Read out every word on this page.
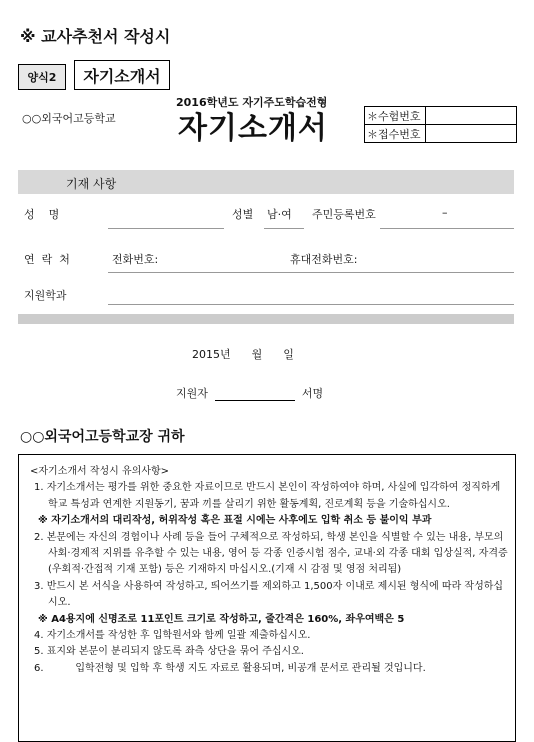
※ 교사추천서 작성시
양식2 자기소개서
○○외국어고등학교
2016학년도 자기주도학습전형
자기소개서	＊수험번호	
＊접수번호	
기재 사항
성    명	성별 남·여 주민등록번호	–
연  락  처	전화번호:	휴대전화번호:
지원학과
2015년      월      일
지원자	서명
○○외국어고등학교장 귀하

<자기소개서 작성시 유의사항>

1. 자기소개서는 평가를 위한 중요한 자료이므로 반드시 본인이 작성하여야 하며, 사실에 입각하여 정직하게 학교 특성과 연계한 지원동기, 꿈과 끼를 살리기 위한 활동계획, 진로계획 등을 기술하십시오.

※ 자기소개서의 대리작성, 허위작성 혹은 표절 시에는 사후에도 입학 취소 등 불이익 부과

2. 본문에는 자신의 경험이나 사례 등을 들어 구체적으로 작성하되, 학생 본인을 식별할 수 있는 내용, 부모의 사회·경제적 지위를 유추할 수 있는 내용, 영어 등 각종 인증시험 점수, 교내·외 각종 대회 입상실적, 자격증(우회적·간접적 기재 포함) 등은 기재하지 마십시오.(기재 시 감점 및 영점 처리됨)

3. 반드시 본 서식을 사용하여 작성하고, 띄어쓰기를 제외하고 1,500자 이내로 제시된 형식에 따라 작성하십시오.

※ A4용지에 신명조로 11포인트 크기로 작성하고, 줄간격은 160%, 좌우여백은 5

4. 자기소개서를 작성한 후 입학원서와 함께 일괄 제출하십시오.

5. 표지와 본문이 분리되지 않도록 좌측 상단을 묶어 주십시오.

6.          입학전형 및 입학 후 학생 지도 자료로 활용되며, 비공개 문서로 관리될 것입니다.
